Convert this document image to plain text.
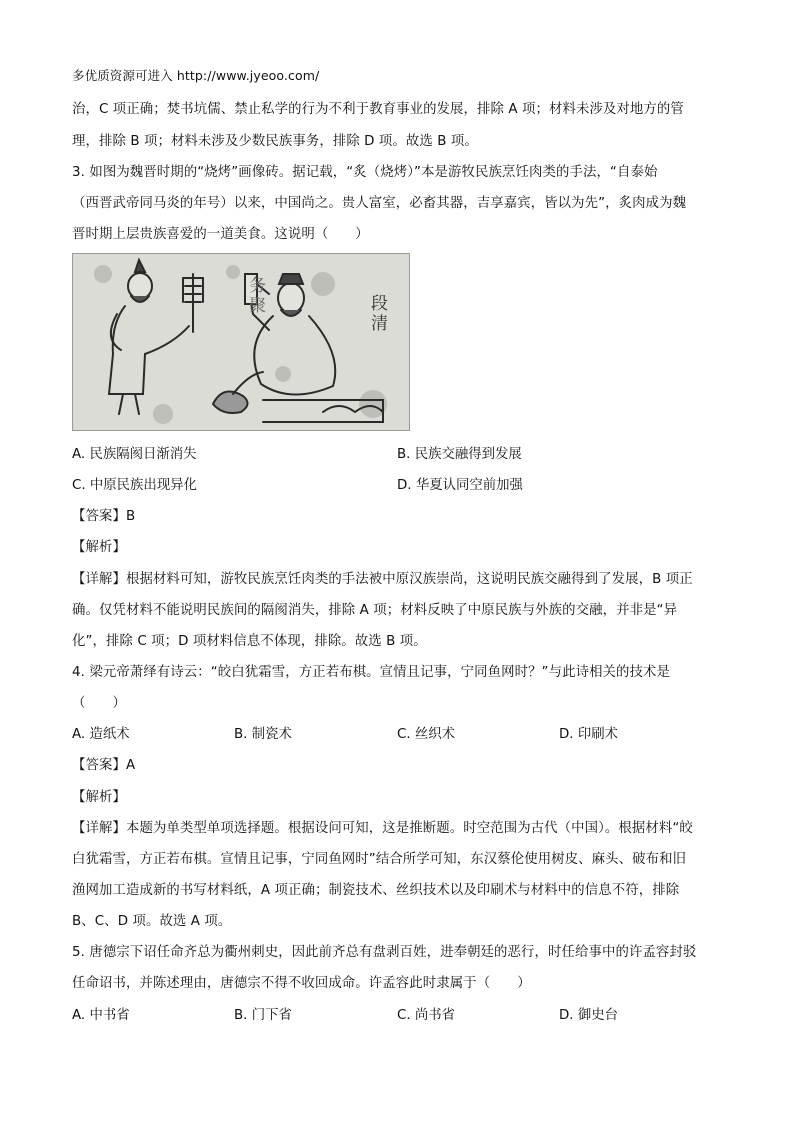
多优质资源可进入 http://www.jyeoo.com/
治，C 项正确；焚书坑儒、禁止私学的行为不利于教育事业的发展，排除 A 项；材料未涉及对地方的管
理，排除 B 项；材料未涉及少数民族事务，排除 D 项。故选 B 项。
3. 如图为魏晋时期的“烧烤”画像砖。据记载，“炙（烧烤）”本是游牧民族烹饪肉类的手法，“自泰始
（西晋武帝同马炎的年号）以来，中国尚之。贵人富室，必畜其器，吉享嘉宾，皆以为先”，炙肉成为魏
晋时期上层贵族喜爱的一道美食。这说明（　　）
务聚	段清
A. 民族隔阂日渐消失	B. 民族交融得到发展
C. 中原民族出现异化	D. 华夏认同空前加强
【答案】B
【解析】
【详解】根据材料可知，游牧民族烹饪肉类的手法被中原汉族崇尚，这说明民族交融得到了发展，B 项正
确。仅凭材料不能说明民族间的隔阂消失，排除 A 项；材料反映了中原民族与外族的交融，并非是“异
化”，排除 C 项；D 项材料信息不体现，排除。故选 B 项。
4. 梁元帝萧绎有诗云：“皎白犹霜雪，方正若布棋。宣情且记事，宁同鱼网时？”与此诗相关的技术是
（　　）
A. 造纸术	B. 制瓷术	C. 丝织术	D. 印刷术
【答案】A
【解析】
【详解】本题为单类型单项选择题。根据设问可知，这是推断题。时空范围为古代（中国）。根据材料“皎
白犹霜雪，方正若布棋。宣情且记事，宁同鱼网时”结合所学可知，东汉蔡伦使用树皮、麻头、破布和旧
渔网加工造成新的书写材料纸，A 项正确；制瓷技术、丝织技术以及印刷术与材料中的信息不符，排除
B、C、D 项。故选 A 项。
5. 唐德宗下诏任命齐总为衢州刺史，因此前齐总有盘剥百姓，进奉朝廷的恶行，时任给事中的许孟容封驳
任命诏书，并陈述理由，唐德宗不得不收回成命。许孟容此时隶属于（　　）
A. 中书省	B. 门下省	C. 尚书省	D. 御史台
